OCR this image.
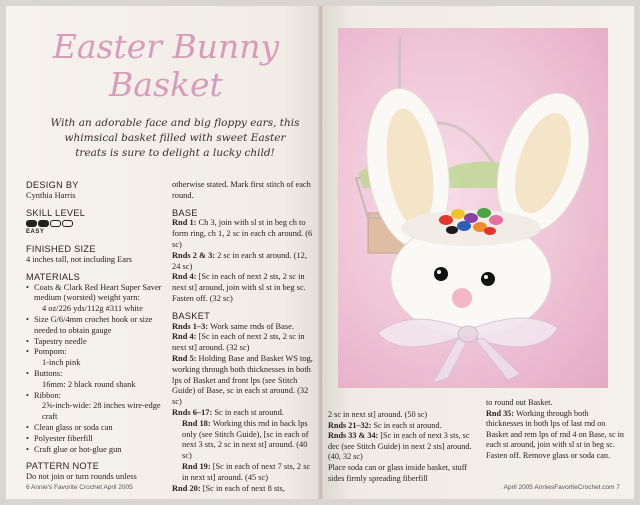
Easter Bunny
Basket
With an adorable face and big floppy ears, this whimsical basket filled with sweet Easter treats is sure to delight a lucky child!
DESIGN BY
Cynthia Harris
SKILL LEVEL
EASY
FINISHED SIZE
4 inches tall, not including Ears
MATERIALS
• Coats & Clark Red Heart Super Saver medium (worsted) weight yarn:
4 oz/226 yds/112g #311 white
• Size G/6/4mm crochet hook or size needed to obtain gauge
• Tapestry needle
• Pompom:
1-inch pink
• Buttons:
16mm: 2 black round shank
• Ribbon:
2⅝-inch-wide: 28 inches wire-edge craft
• Clean glass or soda can
• Polyester fiberfill
• Craft glue or hot-glue gun
PATTERN NOTE
Do not join or turn rounds unless
otherwise stated. Mark first stitch of each round.
BASE
Rnd 1: Ch 3, join with sl st in beg ch to form ring, ch 1, 2 sc in each ch around. (6 sc)
Rnds 2 & 3: 2 sc in each st around. (12, 24 sc)
Rnd 4: [Sc in each of next 2 sts, 2 sc in next st] around, join with sl st in beg sc. Fasten off. (32 sc)
BASKET
Rnds 1–3: Work same rnds of Base.
Rnd 4: [Sc in each of next 2 sts, 2 sc in next st] around. (32 sc)
Rnd 5: Holding Base and Basket WS tog, working through both thicknesses in both lps of Basket and front lps (see Stitch Guide) of Base, sc in each st around. (32 sc)
Rnds 6–17: Sc in each st around.
Rnd 18: Working this rnd in back lps only (see Stitch Guide), [sc in each of next 3 sts, 2 sc in next st] around. (40 sc)
Rnd 19: [Sc in each of next 7 sts, 2 sc in next st] around. (45 sc)
Rnd 20: [Sc in each of next 8 sts,
6 Annie's Favorite Crochet April 2005
2 sc in next st] around. (50 sc)
Rnds 21–32: Sc in each st around.
Rnds 33 & 34: [Sc in each of next 3 sts, sc dec (see Stitch Guide) in next 2 sts] around. (40, 32 sc)
Place soda can or glass inside basket, stuff sides firmly spreading fiberfill
to round out Basket.
Rnd 35: Working through both thicknesses in both lps of last rnd on Basket and rem lps of rnd 4 on Base, sc in each st around, join with sl st in beg sc. Fasten off. Remove glass or soda can.
April 2005 AnniesFavoriteCrochet.com 7
